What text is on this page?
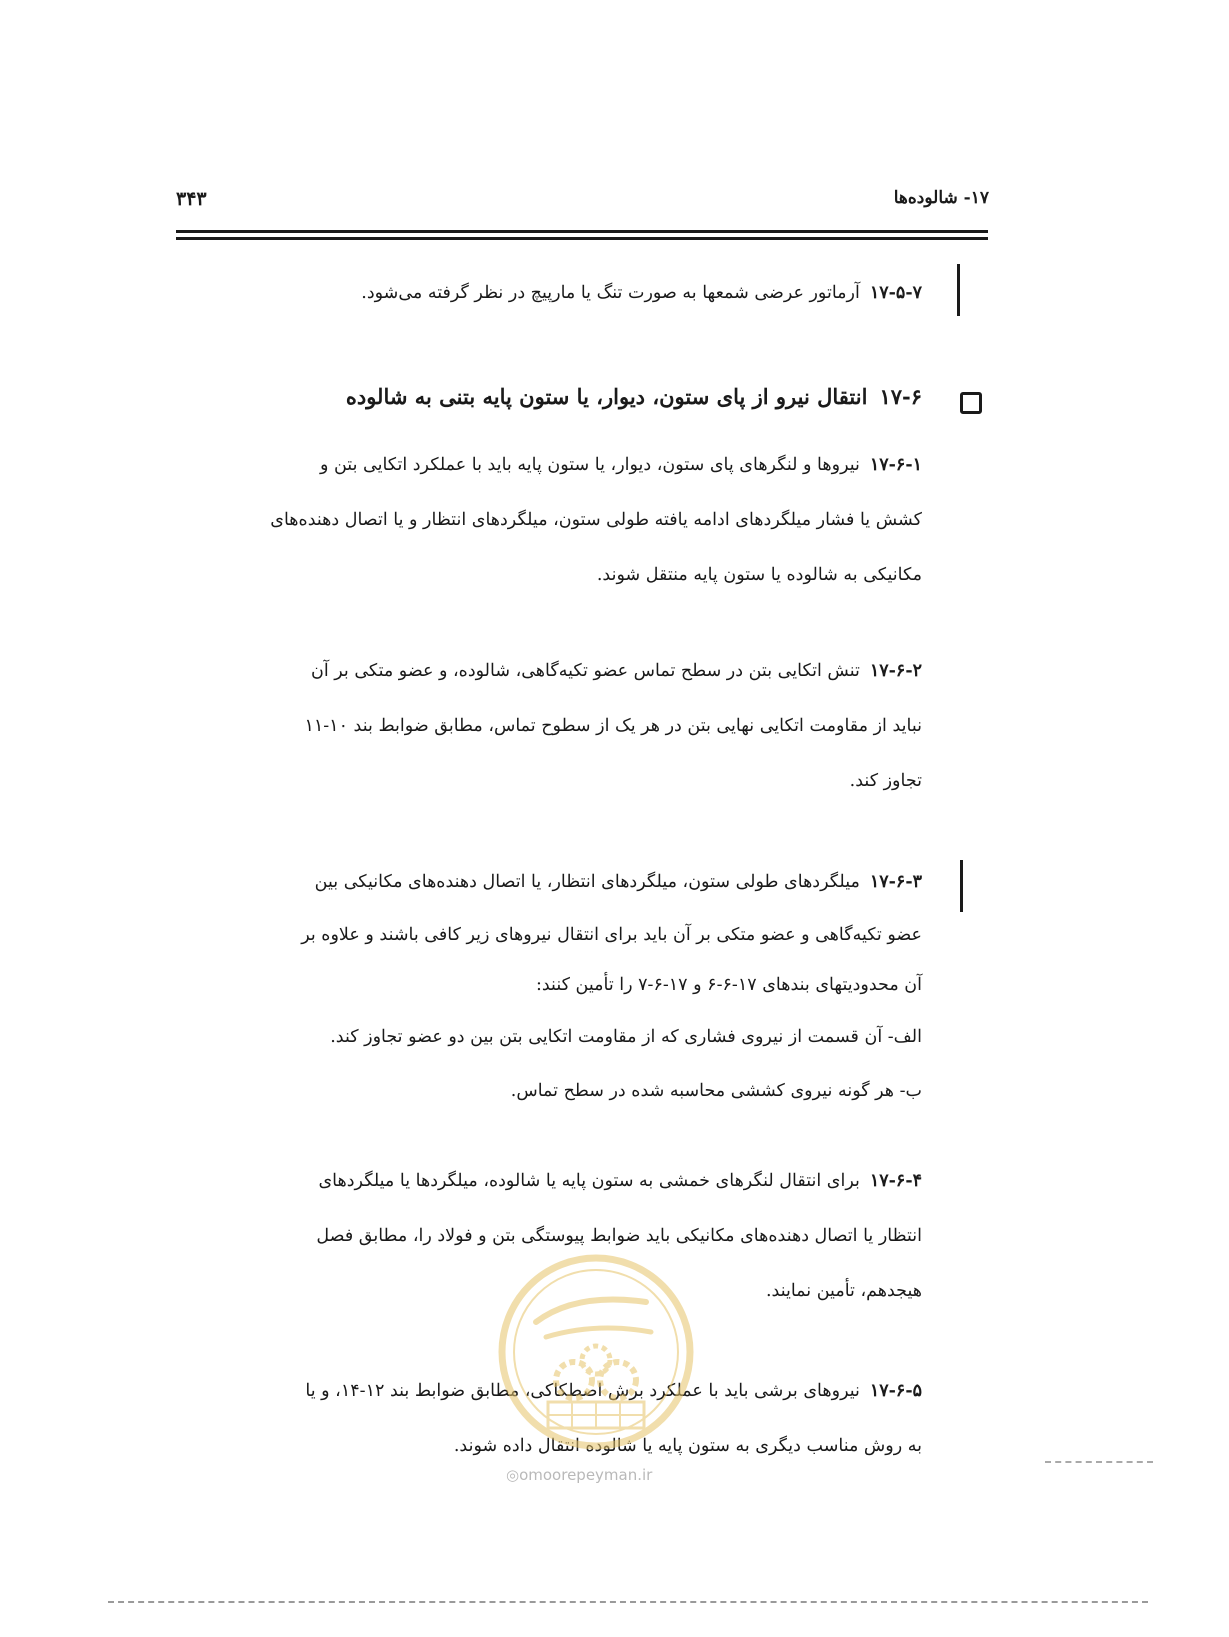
۱۷- شالوده‌ها
۳۴۳
۱۷-۵-۷آرماتور عرضی شمعها به صورت تنگ یا مارپیچ در نظر گرفته می‌شود.
۱۷-۶انتقال نیرو از پای ستون، دیوار، یا ستون پایه بتنی به شالوده
۱۷-۶-۱نیروها و لنگرهای پای ستون، دیوار، یا ستون پایه باید با عملکرد اتکایی بتن و
کشش یا فشار میلگردهای ادامه یافته طولی ستون، میلگردهای انتظار و یا اتصال دهنده‌های
مکانیکی به شالوده یا ستون پایه منتقل شوند.
۱۷-۶-۲تنش اتکایی بتن در سطح تماس عضو تکیه‌گاهی، شالوده، و عضو متکی بر آن
نباید از مقاومت اتکایی نهایی بتن در هر یک از سطوح تماس، مطابق ضوابط بند ۱۰-۱۱
تجاوز کند.
۱۷-۶-۳میلگردهای طولی ستون، میلگردهای انتظار، یا اتصال دهنده‌های مکانیکی بین
عضو تکیه‌گاهی و عضو متکی بر آن باید برای انتقال نیروهای زیر کافی باشند و علاوه بر
آن محدودیتهای بندهای ۱۷-۶-۶ و ۱۷-۶-۷ را تأمین کنند:
الف- آن قسمت از نیروی فشاری که از مقاومت اتکایی بتن بین دو عضو تجاوز کند.
ب- هر گونه نیروی کششی محاسبه شده در سطح تماس.
۱۷-۶-۴برای انتقال لنگرهای خمشی به ستون پایه یا شالوده، میلگردها یا میلگردهای
انتظار یا اتصال دهنده‌های مکانیکی باید ضوابط پیوستگی بتن و فولاد را، مطابق فصل
هیجدهم، تأمین نمایند.
۱۷-۶-۵نیروهای برشی باید با عملکرد برش اصطکاکی، مطابق ضوابط بند ۱۲-۱۴، و یا
به روش مناسب دیگری به ستون پایه یا شالوده انتقال داده شوند.
◎omoorepeyman.ir
